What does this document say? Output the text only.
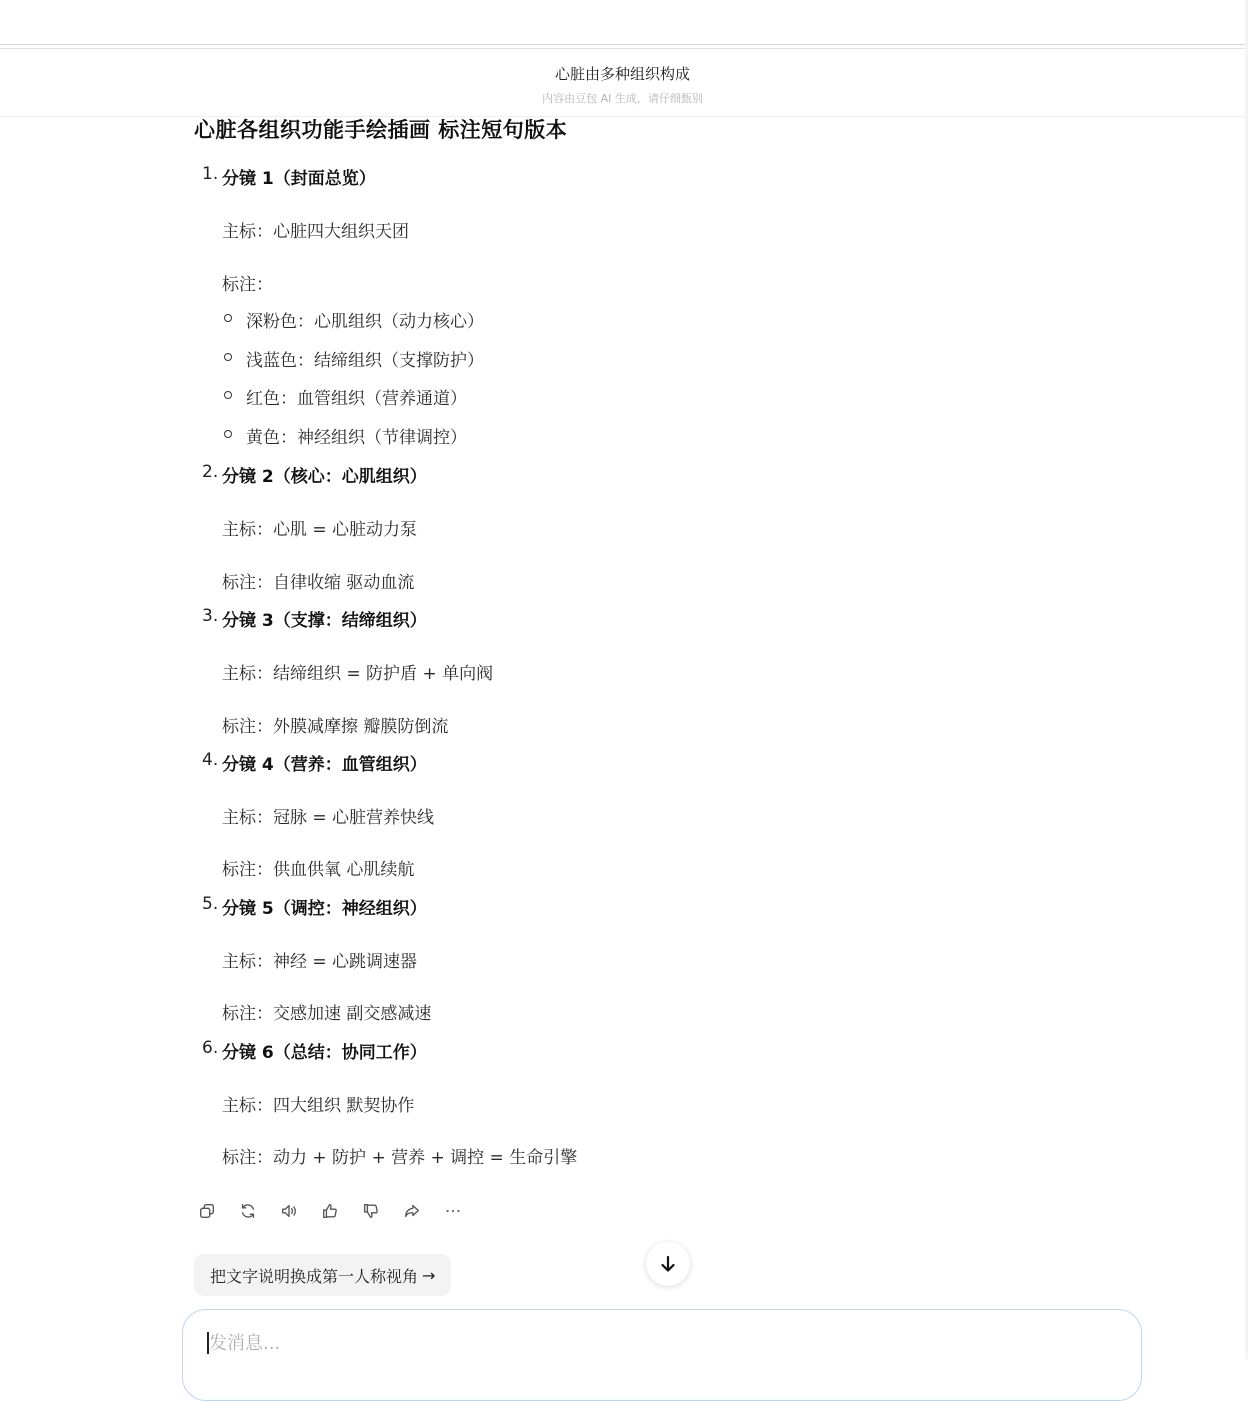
心脏由多种组织构成
内容由豆包 AI 生成，请仔细甄别
心脏各组织功能手绘插画 标注短句版本
1. 分镜 1（封面总览）
主标：心脏四大组织天团
标注：
深粉色：心肌组织（动力核心）
浅蓝色：结缔组织（支撑防护）
红色：血管组织（营养通道）
黄色：神经组织（节律调控）
2. 分镜 2（核心：心肌组织）
主标：心肌 = 心脏动力泵
标注：自律收缩 驱动血流
3. 分镜 3（支撑：结缔组织）
主标：结缔组织 = 防护盾 + 单向阀
标注：外膜减摩擦 瓣膜防倒流
4. 分镜 4（营养：血管组织）
主标：冠脉 = 心脏营养快线
标注：供血供氧 心肌续航
5. 分镜 5（调控：神经组织）
主标：神经 = 心跳调速器
标注：交感加速 副交感减速
6. 分镜 6（总结：协同工作）
主标：四大组织 默契协作
标注：动力 + 防护 + 营养 + 调控 = 生命引擎
把文字说明换成第一人称视角 →
发消息...
